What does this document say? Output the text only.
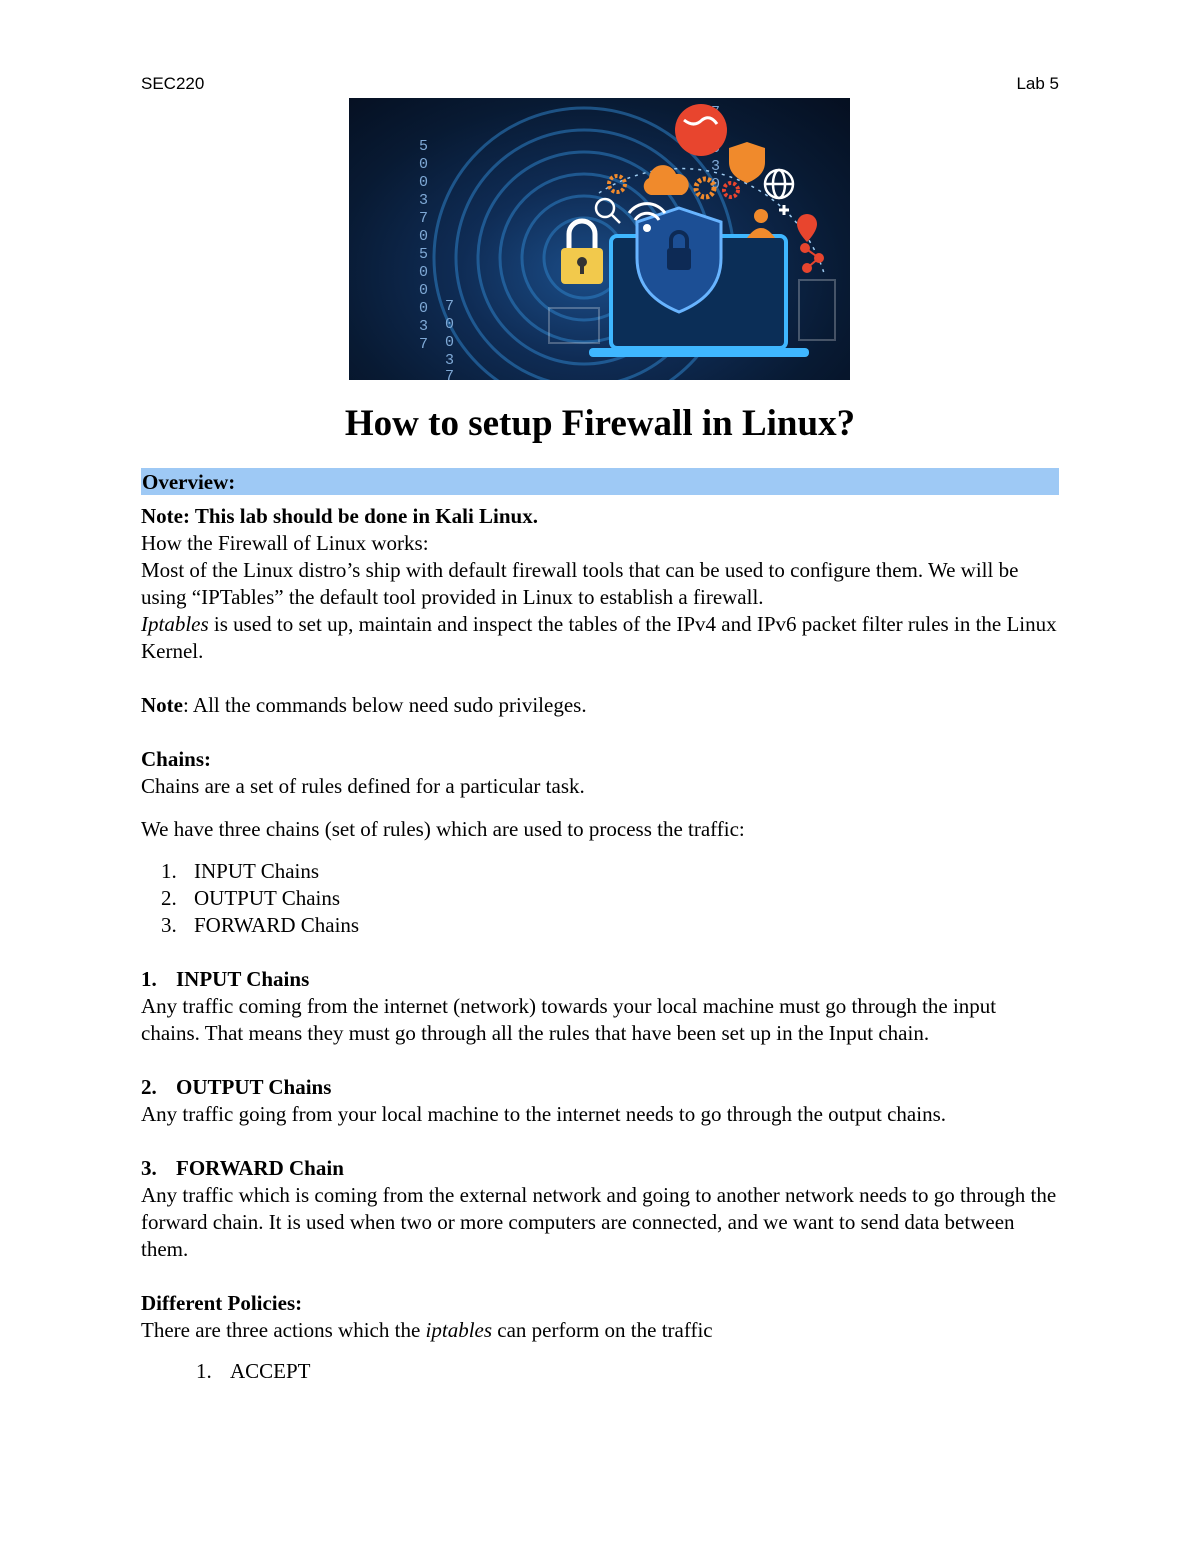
SEC220	Lab 5
5
0
0
3
7
0
5
0
0
0
3
7
7
0
0
3
7
3
0
How to setup Firewall in Linux?
Overview:

Note: This lab should be done in Kali Linux.

How the Firewall of Linux works:

Most of the Linux distro’s ship with default firewall tools that can be used to configure them. We will be using “IPTables” the default tool provided in Linux to establish a firewall.

Iptables is used to set up, maintain and inspect the tables of the IPv4 and IPv6 packet filter rules in the Linux Kernel.

Note: All the commands below need sudo privileges.

Chains:

Chains are a set of rules defined for a particular task.

We have three chains (set of rules) which are used to process the traffic:

1. INPUT Chains
2. OUTPUT Chains
3. FORWARD Chains
1. INPUT Chains

Any traffic coming from the internet (network) towards your local machine must go through the input chains. That means they must go through all the rules that have been set up in the Input chain.

2. OUTPUT Chains

Any traffic going from your local machine to the internet needs to go through the output chains.

3. FORWARD Chain

Any traffic which is coming from the external network and going to another network needs to go through the forward chain. It is used when two or more computers are connected, and we want to send data between them.

Different Policies:

There are three actions which the iptables can perform on the traffic

1. ACCEPT
